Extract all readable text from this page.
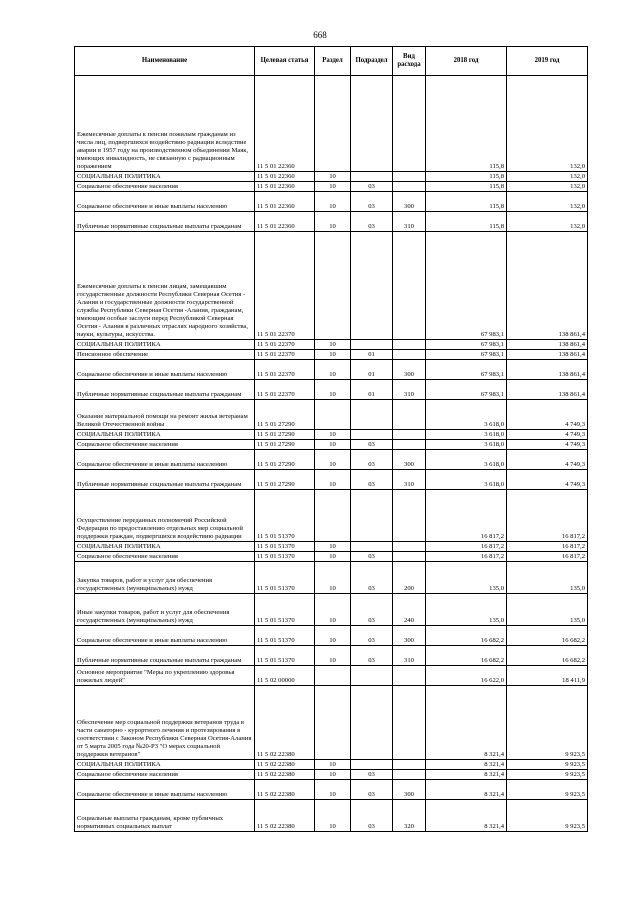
668
Наименование	Целевая статья	Раздел	Подраздел	Вид расхода	2018 год	2019 год
Ежемесячные доплаты к пенсии пожилым гражданам из числа лиц, подвергшихся воздействию радиации вследствие аварии в 1957 году на производственном объединении Маяк, имеющих инвалидность, не связанную с радиационным поражением	11 5 01 22360				115,8	132,0
СОЦИАЛЬНАЯ ПОЛИТИКА	11 5 01 22360	10			115,8	132,0
Социальное обеспечение населения	11 5 01 22360	10	03		115,8	132,0
Социальное обеспечение и иные выплаты населению	11 5 01 22360	10	03	300	115,8	132,0
Публичные нормативные социальные выплаты гражданам	11 5 01 22360	10	03	310	115,8	132,0
Ежемесячные доплаты к пенсии лицам, замещавшим государственные должности Республики Северная Осетия - Алания и государственные должности государственной службы Республики Северная Осетия -Алания, гражданам, имеющим особые заслуги перед Республикой Северная Осетия - Алания в различных отраслях народного хозяйства, науки, культуры, искусства.	11 5 01 22370				67 983,1	138 861,4
СОЦИАЛЬНАЯ ПОЛИТИКА	11 5 01 22370	10			67 983,1	138 861,4
Пенсионное обеспечение	11 5 01 22370	10	01		67 983,1	138 861,4
Социальное обеспечение и иные выплаты населению	11 5 01 22370	10	01	300	67 983,1	138 861,4
Публичные нормативные социальные выплаты гражданам	11 5 01 22370	10	01	310	67 983,1	138 861,4
Оказание материальной помощи на ремонт жилья ветеранам Великой Отечественной войны	11 5 01 27290				3 618,0	4 749,3
СОЦИАЛЬНАЯ ПОЛИТИКА	11 5 01 27290	10			3 618,0	4 749,3
Социальное обеспечение населения	11 5 01 27290	10	03		3 618,0	4 749,3
Социальное обеспечение и иные выплаты населению	11 5 01 27290	10	03	300	3 618,0	4 749,3
Публичные нормативные социальные выплаты гражданам	11 5 01 27290	10	03	310	3 618,0	4 749,3
Осуществление переданных полномочий Российской Федерации по предоставлению отдельных мер социальной поддержки граждан, подвергшихся воздействию радиации	11 5 01 51370				16 817,2	16 817,2
СОЦИАЛЬНАЯ ПОЛИТИКА	11 5 01 51370	10			16 817,2	16 817,2
Социальное обеспечение населения	11 5 01 51370	10	03		16 817,2	16 817,2
Закупка товаров, работ и услуг для обеспечения государственных (муниципальных) нужд	11 5 01 51370	10	03	200	135,0	135,0
Иные закупки товаров, работ и услуг для обеспечения государственных (муниципальных) нужд	11 5 01 51370	10	03	240	135,0	135,0
Социальное обеспечение и иные выплаты населению	11 5 01 51370	10	03	300	16 682,2	16 682,2
Публичные нормативные социальные выплаты гражданам	11 5 01 51370	10	03	310	16 682,2	16 682,2
Основное мероприятие "Меры по укреплению здоровья пожилых людей"	11 5 02 00000				16 622,0	18 411,9
Обеспечение мер социальной поддержки ветеранов труда в части санаторно - курортного лечения и протезирования в соответствии с Законом Республики Северная Осетия-Алания от 5 марта 2005 года №20-РЗ "О мерах социальной поддержки ветеранов"	11 5 02 22380				8 321,4	9 923,5
СОЦИАЛЬНАЯ ПОЛИТИКА	11 5 02 22380	10			8 321,4	9 923,5
Социальное обеспечение населения	11 5 02 22380	10	03		8 321,4	9 923,5
Социальное обеспечение и иные выплаты населению	11 5 02 22380	10	03	300	8 321,4	9 923,5
Социальные выплаты гражданам, кроме публичных нормативных социальных выплат	11 5 02 22380	10	03	320	8 321,4	9 923,5
